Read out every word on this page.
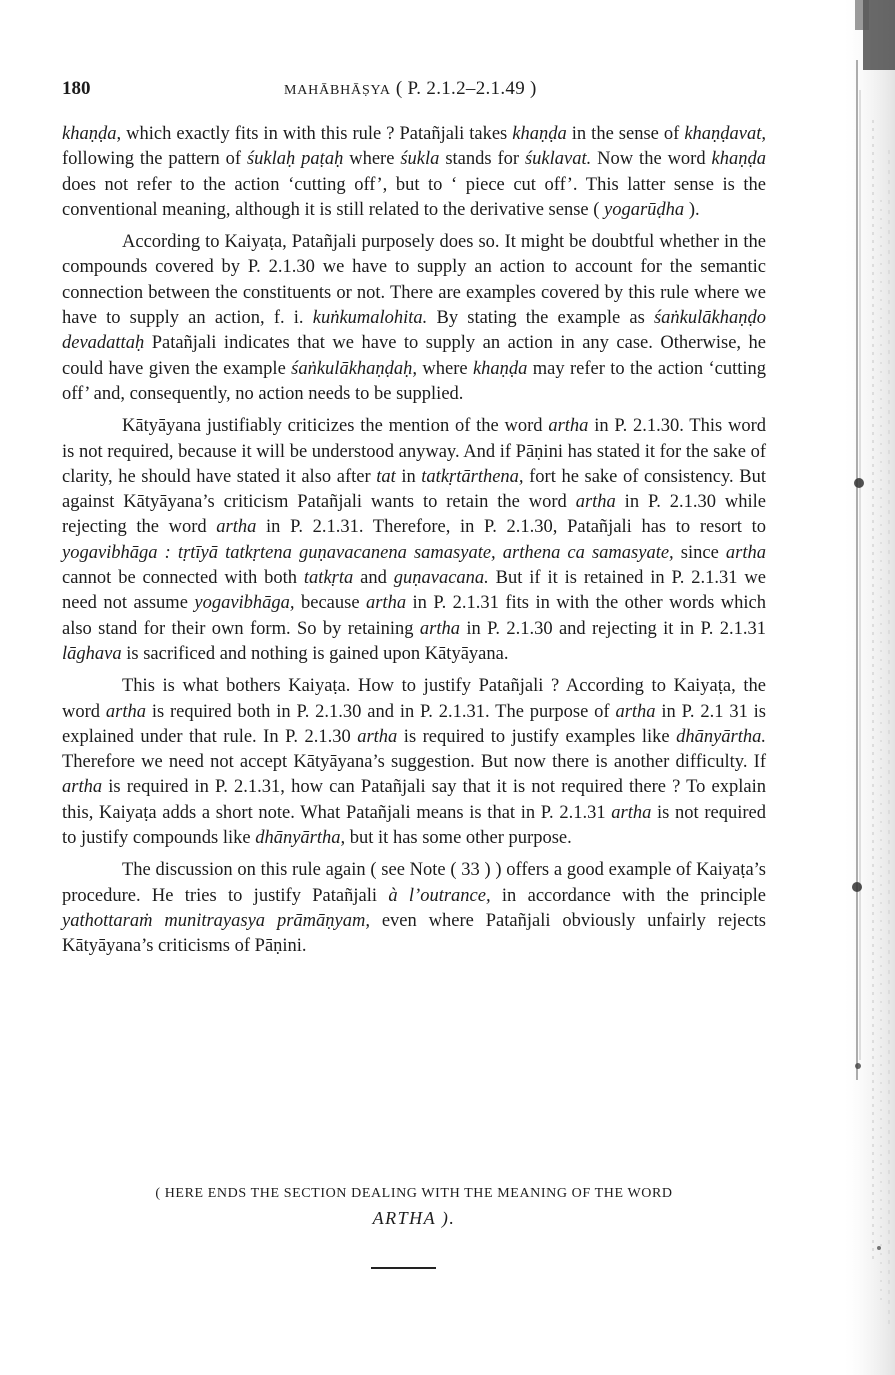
180	MAHĀBHĀṢYA ( P. 2.1.2–2.1.49 )

khaṇḍa, which exactly fits in with this rule ? Patañjali takes khaṇḍa in the sense of khaṇḍavat, following the pattern of śuklaḥ paṭaḥ where śukla stands for śuklavat. Now the word khaṇḍa does not refer to the action ‘cutting off’, but to ‘ piece cut off’. This latter sense is the conventional meaning, although it is still related to the derivative sense ( yogarūḍha ).

According to Kaiyaṭa, Patañjali purposely does so. It might be doubtful whether in the compounds covered by P. 2.1.30 we have to supply an action to account for the semantic connection between the constituents or not. There are examples covered by this rule where we have to supply an action, f. i. kuṅkumalohita. By stating the example as śaṅkulākhaṇḍo devadattaḥ Patañjali indicates that we have to supply an action in any case. Otherwise, he could have given the example śaṅkulākhaṇḍaḥ, where khaṇḍa may refer to the action ‘cutting off’ and, consequently, no action needs to be supplied.

Kātyāyana justifiably criticizes the mention of the word artha in P. 2.1.30. This word is not required, because it will be understood anyway. And if Pāṇini has stated it for the sake of clarity, he should have stated it also after tat in tatkṛtārthena, fort he sake of consistency. But against Kātyāyana’s criticism Patañjali wants to retain the word artha in P. 2.1.30 while rejecting the word artha in P. 2.1.31. Therefore, in P. 2.1.30, Patañjali has to resort to yogavibhāga : tṛtīyā tatkṛtena guṇavacanena samasyate, arthena ca samasyate, since artha cannot be connected with both tatkṛta and guṇavacana. But if it is retained in P. 2.1.31 we need not assume yogavibhāga, because artha in P. 2.1.31 fits in with the other words which also stand for their own form. So by retaining artha in P. 2.1.30 and rejecting it in P. 2.1.31 lāghava is sacrificed and nothing is gained upon Kātyāyana.

This is what bothers Kaiyaṭa. How to justify Patañjali ? According to Kaiyaṭa, the word artha is required both in P. 2.1.30 and in P. 2.1.31. The purpose of artha in P. 2.1 31 is explained under that rule. In P. 2.1.30 artha is required to justify examples like dhānyārtha. Therefore we need not accept Kātyāyana’s suggestion. But now there is another difficulty. If artha is required in P. 2.1.31, how can Patañjali say that it is not required there ? To explain this, Kaiyaṭa adds a short note. What Patañjali means is that in P. 2.1.31 artha is not required to justify compounds like dhānyārtha, but it has some other purpose.

The discussion on this rule again ( see Note ( 33 ) ) offers a good example of Kaiyaṭa’s procedure. He tries to justify Patañjali à l’outrance, in accordance with the principle yathottaraṁ munitrayasya prāmāṇyam, even where Patañjali obviously unfairly rejects Kātyāyana’s criticisms of Pāṇini.

( HERE ENDS THE SECTION DEALING WITH THE MEANING OF THE WORD
ARTHA ).
